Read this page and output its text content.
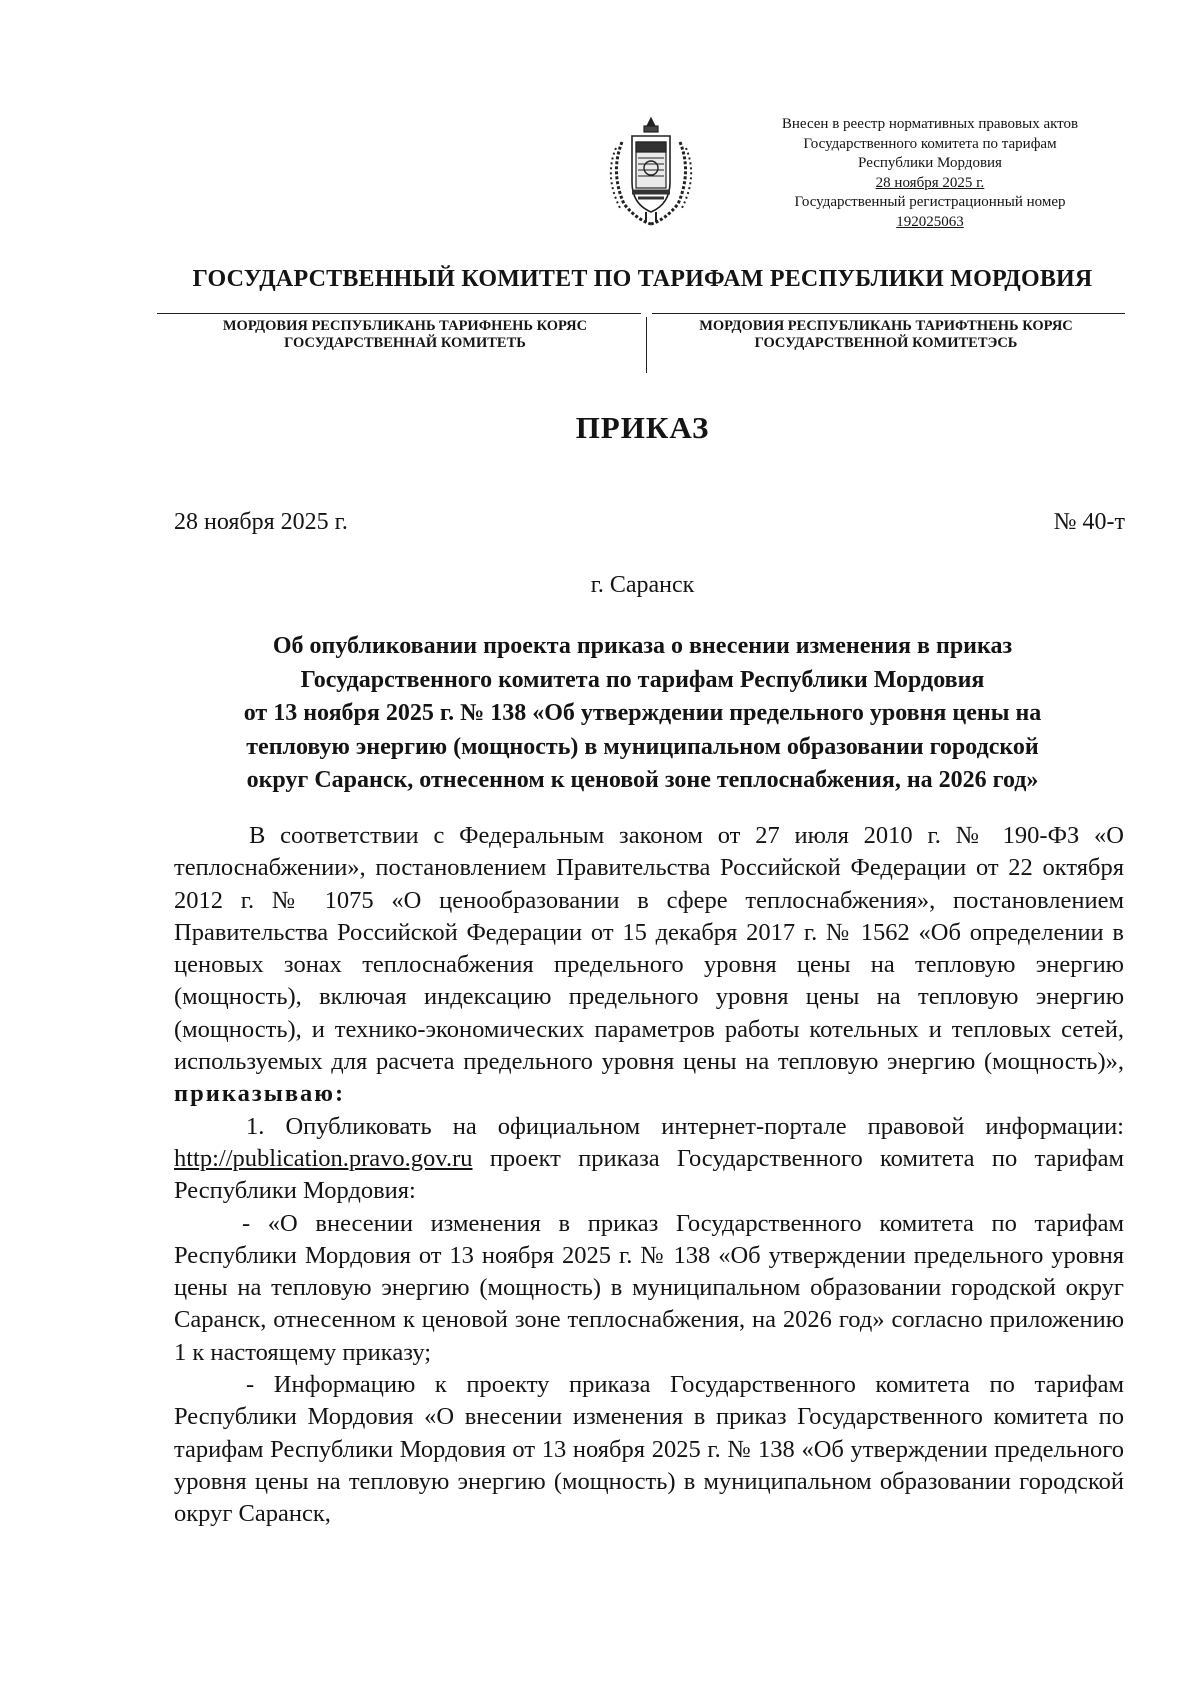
Внесен в реестр нормативных правовых актов
Государственного комитета по тарифам
Республики Мордовия
28 ноября 2025 г.
Государственный регистрационный номер
192025063
ГОСУДАРСТВЕННЫЙ КОМИТЕТ ПО ТАРИФАМ РЕСПУБЛИКИ МОРДОВИЯ
МОРДОВИЯ РЕСПУБЛИКАНЬ ТАРИФНЕНЬ КОРЯС
ГОСУДАРСТВЕННАЙ КОМИТЕТЬ
МОРДОВИЯ РЕСПУБЛИКАНЬ ТАРИФТНЕНЬ КОРЯС
ГОСУДАРСТВЕННОЙ КОМИТЕТЭСЬ
ПРИКАЗ
28 ноября 2025 г.	№ 40-т
г. Саранск
Об опубликовании проекта приказа о внесении изменения в приказ
Государственного комитета по тарифам Республики Мордовия
от 13 ноября 2025 г. № 138 «Об утверждении предельного уровня цены на
тепловую энергию (мощность) в муниципальном образовании городской
округ Саранск, отнесенном к ценовой зоне теплоснабжения, на 2026 год»

В соответствии с Федеральным законом от 27 июля 2010 г. № 190-ФЗ «О теплоснабжении», постановлением Правительства Российской Федерации от 22 октября 2012 г. № 1075 «О ценообразовании в сфере теплоснабжения», постановлением Правительства Российской Федерации от 15 декабря 2017 г. № 1562 «Об определении в ценовых зонах теплоснабжения предельного уровня цены на тепловую энергию (мощность), включая индексацию предельного уровня цены на тепловую энергию (мощность), и технико-экономических параметров работы котельных и тепловых сетей, используемых для расчета предельного уровня цены на тепловую энергию (мощность)», приказываю:

1. Опубликовать на официальном интернет-портале правовой информации: http://publication.pravo.gov.ru проект приказа Государственного комитета по тарифам Республики Мордовия:

- «О внесении изменения в приказ Государственного комитета по тарифам Республики Мордовия от 13 ноября 2025 г. № 138 «Об утверждении предельного уровня цены на тепловую энергию (мощность) в муниципальном образовании городской округ Саранск, отнесенном к ценовой зоне теплоснабжения, на 2026 год» согласно приложению 1 к настоящему приказу;

- Информацию к проекту приказа Государственного комитета по тарифам Республики Мордовия «О внесении изменения в приказ Государственного комитета по тарифам Республики Мордовия от 13 ноября 2025 г. № 138 «Об утверждении предельного уровня цены на тепловую энергию (мощность) в муниципальном образовании городской округ Саранск,
